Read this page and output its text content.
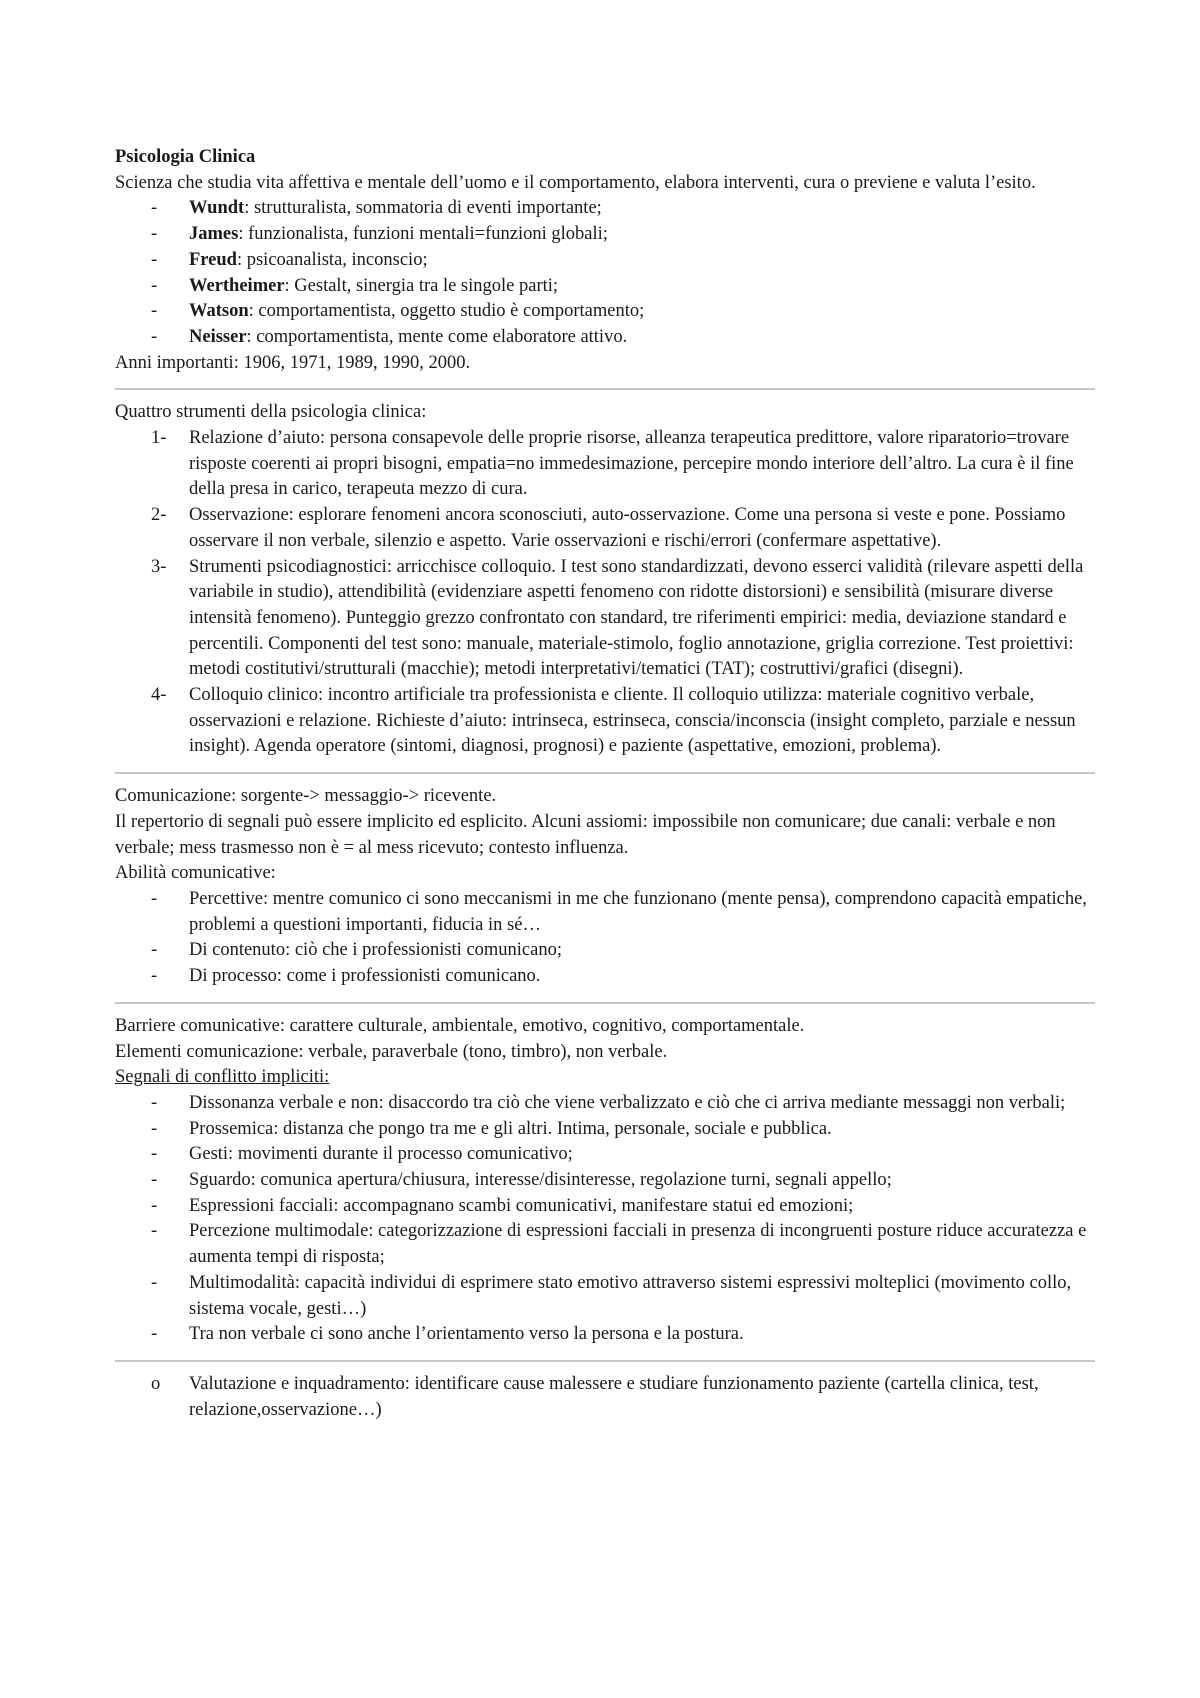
Psicologia Clinica

Scienza che studia vita affettiva e mentale dell’uomo e il comportamento, elabora interventi, cura o previene e valuta l’esito.

- Wundt: strutturalista, sommatoria di eventi importante;
- James: funzionalista, funzioni mentali=funzioni globali;
- Freud: psicoanalista, inconscio;
- Wertheimer: Gestalt, sinergia tra le singole parti;
- Watson: comportamentista, oggetto studio è comportamento;
- Neisser: comportamentista, mente come elaboratore attivo.

Anni importanti: 1906, 1971, 1989, 1990, 2000.

Quattro strumenti della psicologia clinica:

1- Relazione d’aiuto: persona consapevole delle proprie risorse, alleanza terapeutica predittore, valore riparatorio=trovare risposte coerenti ai propri bisogni, empatia=no immedesimazione, percepire mondo interiore dell’altro. La cura è il fine della presa in carico, terapeuta mezzo di cura.
2- Osservazione: esplorare fenomeni ancora sconosciuti, auto-osservazione. Come una persona si veste e pone. Possiamo osservare il non verbale, silenzio e aspetto. Varie osservazioni e rischi/errori (confermare aspettative).
3- Strumenti psicodiagnostici: arricchisce colloquio. I test sono standardizzati, devono esserci validità (rilevare aspetti della variabile in studio), attendibilità (evidenziare aspetti fenomeno con ridotte distorsioni) e sensibilità (misurare diverse intensità fenomeno). Punteggio grezzo confrontato con standard, tre riferimenti empirici: media, deviazione standard e percentili. Componenti del test sono: manuale, materiale-stimolo, foglio annotazione, griglia correzione. Test proiettivi: metodi costitutivi/strutturali (macchie); metodi interpretativi/tematici (TAT); costruttivi/grafici (disegni).
4- Colloquio clinico: incontro artificiale tra professionista e cliente. Il colloquio utilizza: materiale cognitivo verbale, osservazioni e relazione. Richieste d’aiuto: intrinseca, estrinseca, conscia/inconscia (insight completo, parziale e nessun insight). Agenda operatore (sintomi, diagnosi, prognosi) e paziente (aspettative, emozioni, problema).

Comunicazione: sorgente-> messaggio-> ricevente.

Il repertorio di segnali può essere implicito ed esplicito. Alcuni assiomi: impossibile non comunicare; due canali: verbale e non verbale; mess trasmesso non è = al mess ricevuto; contesto influenza.

Abilità comunicative:

- Percettive: mentre comunico ci sono meccanismi in me che funzionano (mente pensa), comprendono capacità empatiche, problemi a questioni importanti, fiducia in sé…
- Di contenuto: ciò che i professionisti comunicano;
- Di processo: come i professionisti comunicano.

Barriere comunicative: carattere culturale, ambientale, emotivo, cognitivo, comportamentale.

Elementi comunicazione: verbale, paraverbale (tono, timbro), non verbale.

Segnali di conflitto impliciti:

- Dissonanza verbale e non: disaccordo tra ciò che viene verbalizzato e ciò che ci arriva mediante messaggi non verbali;
- Prossemica: distanza che pongo tra me e gli altri. Intima, personale, sociale e pubblica.
- Gesti: movimenti durante il processo comunicativo;
- Sguardo: comunica apertura/chiusura, interesse/disinteresse, regolazione turni, segnali appello;
- Espressioni facciali: accompagnano scambi comunicativi, manifestare statui ed emozioni;
- Percezione multimodale: categorizzazione di espressioni facciali in presenza di incongruenti posture riduce accuratezza e aumenta tempi di risposta;
- Multimodalità: capacità individui di esprimere stato emotivo attraverso sistemi espressivi molteplici (movimento collo, sistema vocale, gesti…)
- Tra non verbale ci sono anche l’orientamento verso la persona e la postura.
o Valutazione e inquadramento: identificare cause malessere e studiare funzionamento paziente (cartella clinica, test, relazione,osservazione…)
